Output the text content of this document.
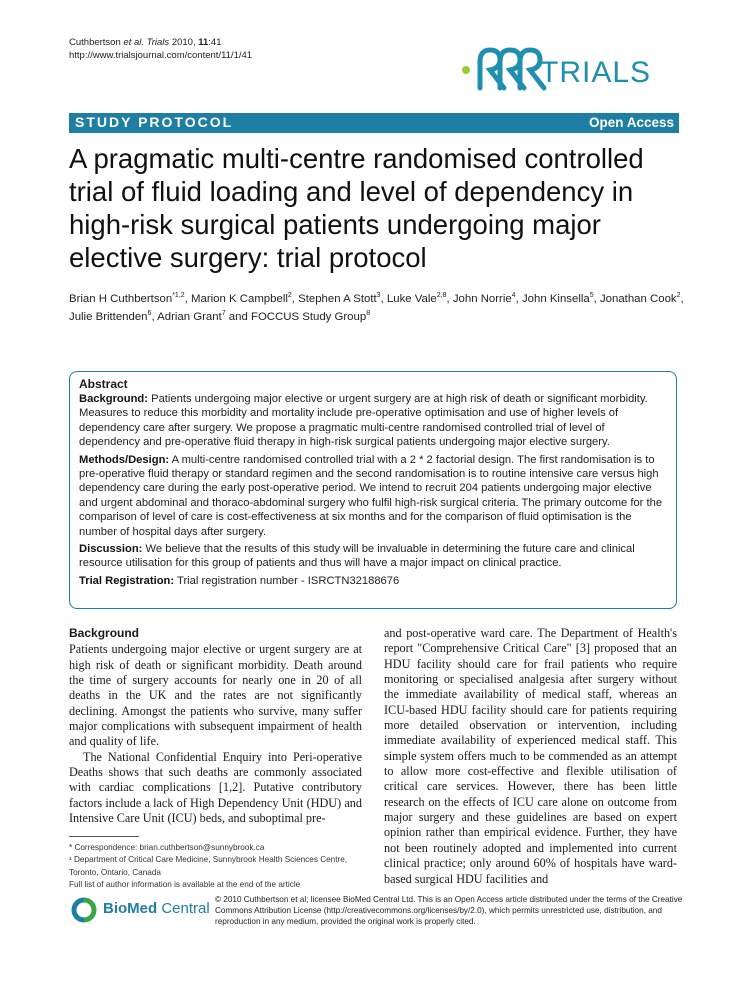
Cuthbertson et al. Trials 2010, 11:41
http://www.trialsjournal.com/content/11/1/41
TRIALS
STUDY PROTOCOL	Open Access
A pragmatic multi-centre randomised controlled trial of fluid loading and level of dependency in high-risk surgical patients undergoing major elective surgery: trial protocol
Brian H Cuthbertson$^{*1,2}$, Marion K Campbell$^2$, Stephen A Stott$^3$, Luke Vale$^{2,8}$, John Norrie$^4$, John Kinsella$^5$, Jonathan Cook$^2$, Julie Brittenden$^6$, Adrian Grant$^7$ and FOCCUS Study Group$^8$
Abstract

Background: Patients undergoing major elective or urgent surgery are at high risk of death or significant morbidity. Measures to reduce this morbidity and mortality include pre-operative optimisation and use of higher levels of dependency care after surgery. We propose a pragmatic multi-centre randomised controlled trial of level of dependency and pre-operative fluid therapy in high-risk surgical patients undergoing major elective surgery.

Methods/Design: A multi-centre randomised controlled trial with a 2 * 2 factorial design. The first randomisation is to pre-operative fluid therapy or standard regimen and the second randomisation is to routine intensive care versus high dependency care during the early post-operative period. We intend to recruit 204 patients undergoing major elective and urgent abdominal and thoraco-abdominal surgery who fulfil high-risk surgical criteria. The primary outcome for the comparison of level of care is cost-effectiveness at six months and for the comparison of fluid optimisation is the number of hospital days after surgery.

Discussion: We believe that the results of this study will be invaluable in determining the future care and clinical resource utilisation for this group of patients and thus will have a major impact on clinical practice.

Trial Registration: Trial registration number - ISRCTN32188676

Background

Patients undergoing major elective or urgent surgery are at high risk of death or significant morbidity. Death around the time of surgery accounts for nearly one in 20 of all deaths in the UK and the rates are not significantly declining. Amongst the patients who survive, many suffer major complications with subsequent impairment of health and quality of life.

The National Confidential Enquiry into Peri-operative Deaths shows that such deaths are commonly associated with cardiac complications [1,2]. Putative contributory factors include a lack of High Dependency Unit (HDU) and Intensive Care Unit (ICU) beds, and suboptimal pre-

and post-operative ward care. The Department of Health's report "Comprehensive Critical Care" [3] proposed that an HDU facility should care for frail patients who require monitoring or specialised analgesia after surgery without the immediate availability of medical staff, whereas an ICU-based HDU facility should care for patients requiring more detailed observation or intervention, including immediate availability of experienced medical staff. This simple system offers much to be commended as an attempt to allow more cost-effective and flexible utilisation of critical care services. However, there has been little research on the effects of ICU care alone on outcome from major surgery and these guidelines are based on expert opinion rather than empirical evidence. Further, they have not been routinely adopted and implemented into current clinical practice; only around 60% of hospitals have ward-based surgical HDU facilities and

* Correspondence: brian.cuthbertson@sunnybrook.ca
¹ Department of Critical Care Medicine, Sunnybrook Health Sciences Centre,
Toronto, Ontario, Canada
Full list of author information is available at the end of the article
BioMed Central
© 2010 Cuthbertson et al; licensee BioMed Central Ltd. This is an Open Access article distributed under the terms of the Creative Commons Attribution License (http://creativecommons.org/licenses/by/2.0), which permits unrestricted use, distribution, and reproduction in any medium, provided the original work is properly cited.
